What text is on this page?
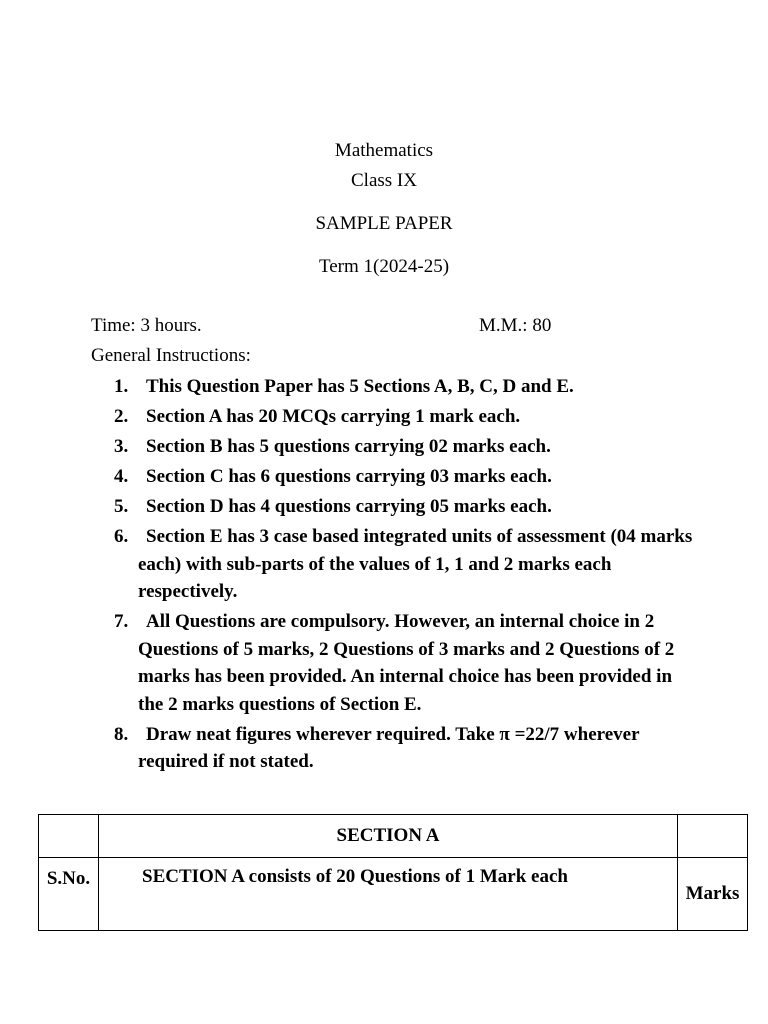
Mathematics
Class IX
SAMPLE PAPER
Term 1(2024-25)
Time: 3 hours.	M.M.: 80
General Instructions:
1. This Question Paper has 5 Sections A, B, C, D and E.
2. Section A has 20 MCQs carrying 1 mark each.
3. Section B has 5 questions carrying 02 marks each.
4. Section C has 6 questions carrying 03 marks each.
5. Section D has 4 questions carrying 05 marks each.
6. Section E has 3 case based integrated units of assessment (04 marks each) with sub-parts of the values of 1, 1 and 2 marks each respectively.
7. All Questions are compulsory. However, an internal choice in 2 Questions of 5 marks, 2 Questions of 3 marks and 2 Questions of 2 marks has been provided. An internal choice has been provided in the 2 marks questions of Section E.
8. Draw neat figures wherever required. Take π =22/7 wherever required if not stated.
	SECTION A	
S.No.	SECTION A consists of 20 Questions of 1 Mark each	Marks
